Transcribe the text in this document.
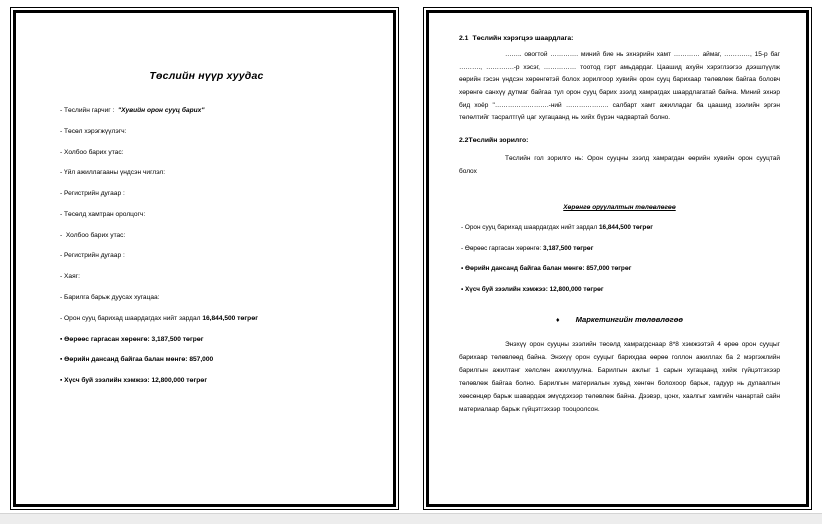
Төслийн нүүр хуудас
- Төслийн гарчиг :  "Хувийн орон сууц барих"
- Төсөл хэрэгжүүлэгч:
- Холбоо барих утас:
- Үйл ажиллагааны үндсэн чиглэл:
- Регистрийн дугаар :
- Төсөлд хамтран оролцогч:
-  Холбоо барих утас:
- Регистрийн дугаар :
- Хаяг:
- Барилга барьж дуусах хугацаа:
- Орон сууц барихад шаардагдах нийт зардал 16,844,500 төгрөг
▪ Өөрөөс гаргасан хөрөнгө: 3,187,500 төгрөг
▪ Өөрийн дансанд байгаа балан мөнгө: 857,000
▪ Хүсч буй зээлийн хэмжээ: 12,800,000 төгрөг
2.1 Төслийн хэрэгцээ шаардлага:

…….. овогтой …………. миний бие нь эхнэрийн хамт ………… аймаг, …………, 15-р баг ………., ………….-р хэсэг, …………… тоотод гэрт амьдардаг. Цаашид ахуйн хэрэглээгээ дээшлүүлж өөрийн гэсэн үндсэн хөрөнгөтэй болох зорилгоор хувийн орон сууц барихаар төлөвлөж байгаа боловч хөрөнгө санхүү дутмаг байгаа тул орон сууц барих зээлд хамрагдах шаардлагатай байна. Миний эхнэр бид хоёр "…………………….-ний ……………….. салбарт хамт ажилладаг ба цаашид зээлийн эргэн төлөлтийг тасралтгүй цаг хугацаанд нь хийх бүрэн чадвартай болно.

2.2Төслийн зорилго:

Төслийн гол зорилго нь: Орон сууцны зээлд хамрагдан өөрийн хувийн орон сууцтай болох

Хөрөнгө оруулалтын төлөвлөгөө
- Орон сууц барихад шаардагдах нийт зардал 16,844,500 төгрөг
- Өөрөөс гаргасан хөрөнгө: 3,187,500 төгрөг
▪ Өөрийн дансанд байгаа балан мөнгө: 857,000 төгрөг
▪ Хүсч буй зээлийн хэмжээ: 12,800,000 төгрөг
♦ Маркетингийн төлөвлөгөө

Энэхүү орон сууцны зээлийн төсөлд хамрагдснаар 8*8 хэмжээтэй 4 өрөө орон сууцыг барихаар төлөвлөөд байна. Энэхүү орон сууцыг барихдаа өөрөө голлон ажиллах ба 2 мэргэжлийн барилгын ажилтанг хөлслөн ажиллуулна. Барилгын ажлыг 1 сарын хугацаанд хийж гүйцэтгэхээр төлөвлөж байгаа болно. Барилгын материалын хувьд хөнгөн болохоор барьж, гадуур нь дулаалгын хөөсөнцөр барьж шавардаж эмүсдэхээр төлөвлөж байна. Дээвэр, цонх, хаалгыг хамгийн чанартай сайн материалаар барьж гүйцэтгэхээр тооцоолсон.
